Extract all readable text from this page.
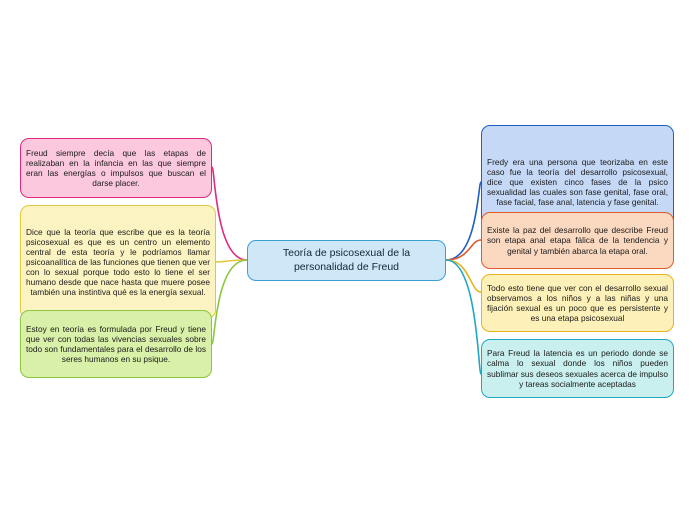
Freud siempre decía que las etapas de realizaban en la infancia en las que siempre eran las energías o impulsos que buscan el darse placer.
Dice que la teoría que escribe que es la teoría psicosexual es que es un centro un elemento central de esta teoría y le podríamos llamar psicoanalítica de las funciones que tienen que ver con lo sexual porque todo esto lo tiene el ser humano desde que nace hasta que muere posee también una instintiva qué es la energía sexual.
Estoy en teoría es formulada por Freud y tiene que ver con todas las vivencias sexuales sobre todo son fundamentales para el desarrollo de los seres humanos en su psique.
Teoría de psicosexual de la personalidad de Freud
Fredy era una persona que teorizaba en este caso fue la teoría del desarrollo psicosexual, dice que existen cinco fases de la psico sexualidad las cuales son fase genital, fase oral, fase facial, fase anal, latencia y fase genital.
Existe la paz del desarrollo que describe Freud son etapa anal etapa fálica de la tendencia y genital y también abarca la etapa oral.
Todo esto tiene que ver con el desarrollo sexual observamos a los niños y a las niñas y una fijación sexual es un poco que es persistente y es una etapa psicosexual
Para Freud la latencia es un periodo donde se calma lo sexual donde los niños pueden sublimar sus deseos sexuales acerca de impulso y tareas socialmente aceptadas
